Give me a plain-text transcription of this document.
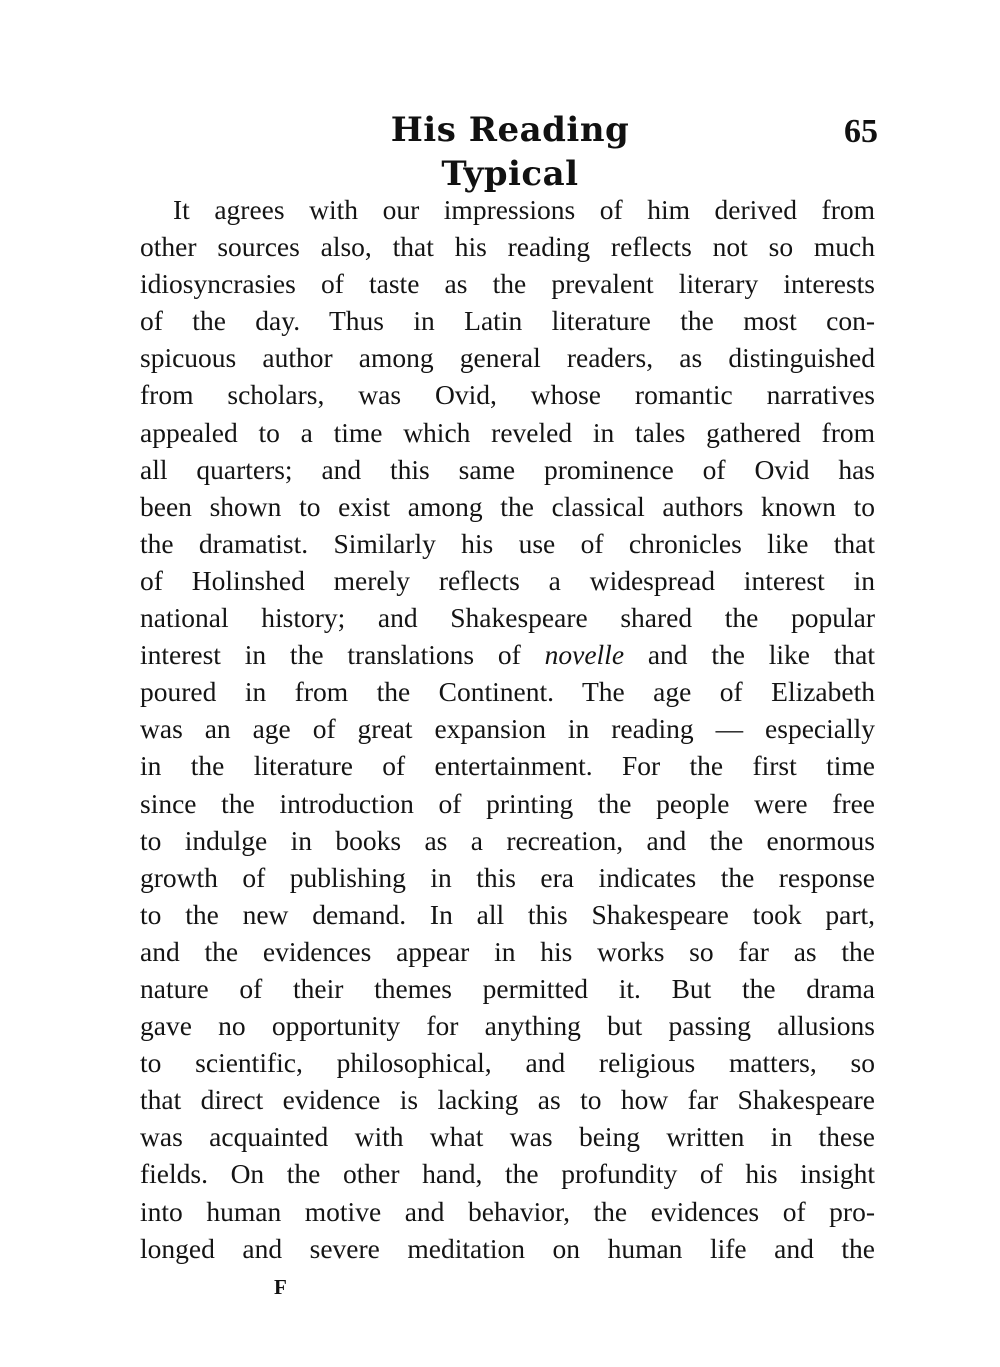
His Reading Typical
65
It agrees with our impressions of him derived from
other sources also, that his reading reflects not so much
idiosyncrasies of taste as the prevalent literary interests
of the day. Thus in Latin literature the most con-
spicuous author among general readers, as distinguished
from scholars, was Ovid, whose romantic narratives
appealed to a time which reveled in tales gathered from
all quarters; and this same prominence of Ovid has
been shown to exist among the classical authors known to
the dramatist. Similarly his use of chronicles like that
of Holinshed merely reflects a widespread interest in
national history; and Shakespeare shared the popular
interest in the translations of novelle and the like that
poured in from the Continent. The age of Elizabeth
was an age of great expansion in reading — especially
in the literature of entertainment. For the first time
since the introduction of printing the people were free
to indulge in books as a recreation, and the enormous
growth of publishing in this era indicates the response
to the new demand. In all this Shakespeare took part,
and the evidences appear in his works so far as the
nature of their themes permitted it. But the drama
gave no opportunity for anything but passing allusions
to scientific, philosophical, and religious matters, so
that direct evidence is lacking as to how far Shakespeare
was acquainted with what was being written in these
fields. On the other hand, the profundity of his insight
into human motive and behavior, the evidences of pro-
longed and severe meditation on human life and the
F
